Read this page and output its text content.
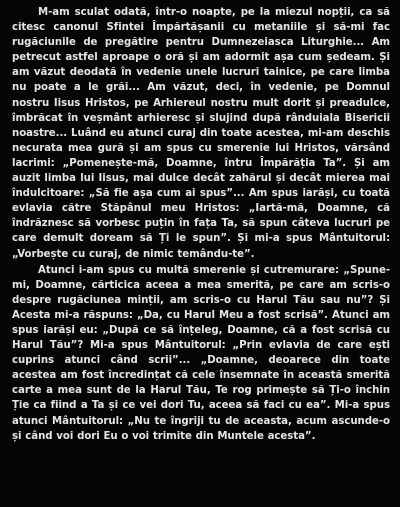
M-am sculat odată, într-o noapte, pe la miezul nopții, ca să citesc canonul Sfintei Împărtășanii cu metaniile și să-mi fac rugăciunile de pregătire pentru Dumnezeiasca Liturghie... Am petrecut astfel aproape o oră și am adormit așa cum ședeam. Și am văzut deodată în vedenie unele lucruri tainice, pe care limba nu poate a le grăi... Am văzut, deci, în vedenie, pe Domnul nostru Iisus Hristos, pe Arhiereul nostru mult dorit și preadulce, îmbrăcat în veșmânt arhieresc și slujind după rânduiala Bisericii noastre... Luând eu atunci curaj din toate acestea, mi-am deschis necurata mea gură și am spus cu smerenie lui Hristos, vărsând lacrimi: „Pomenește-mă, Doamne, întru Împărăția Ta”. Și am auzit limba lui Iisus, mai dulce decât zahărul și decât mierea mai îndulcitoare: „Să fie așa cum ai spus”... Am spus iarăși, cu toată evlavia către Stăpânul meu Hristos: „Iartă-mă, Doamne, că îndrăznesc să vorbesc puțin în fața Ta, să spun câteva lucruri pe care demult doream să Ți le spun”. Și mi-a spus Mântuitorul: „Vorbește cu curaj, de nimic temându-te”.

Atunci i-am spus cu multă smerenie și cutremurare: „Spune-mi, Doamne, cărticica aceea a mea smerită, pe care am scris-o despre rugăciunea minții, am scris-o cu Harul Tău sau nu”? Și Acesta mi-a răspuns: „Da, cu Harul Meu a fost scrisă”. Atunci am spus iarăși eu: „După ce să înțeleg, Doamne, că a fost scrisă cu Harul Tău”? Mi-a spus Mântuitorul: „Prin evlavia de care ești cuprins atunci când scrii”... „Doamne, deoarece din toate acestea am fost încredințat că cele însemnate în această smerită carte a mea sunt de la Harul Tău, Te rog primește să Ți-o închin Ție ca fiind a Ta și ce vei dori Tu, aceea să faci cu ea”. Mi-a spus atunci Mântuitorul: „Nu te îngriji tu de aceasta, acum ascunde-o și când voi dori Eu o voi trimite din Muntele acesta”.
